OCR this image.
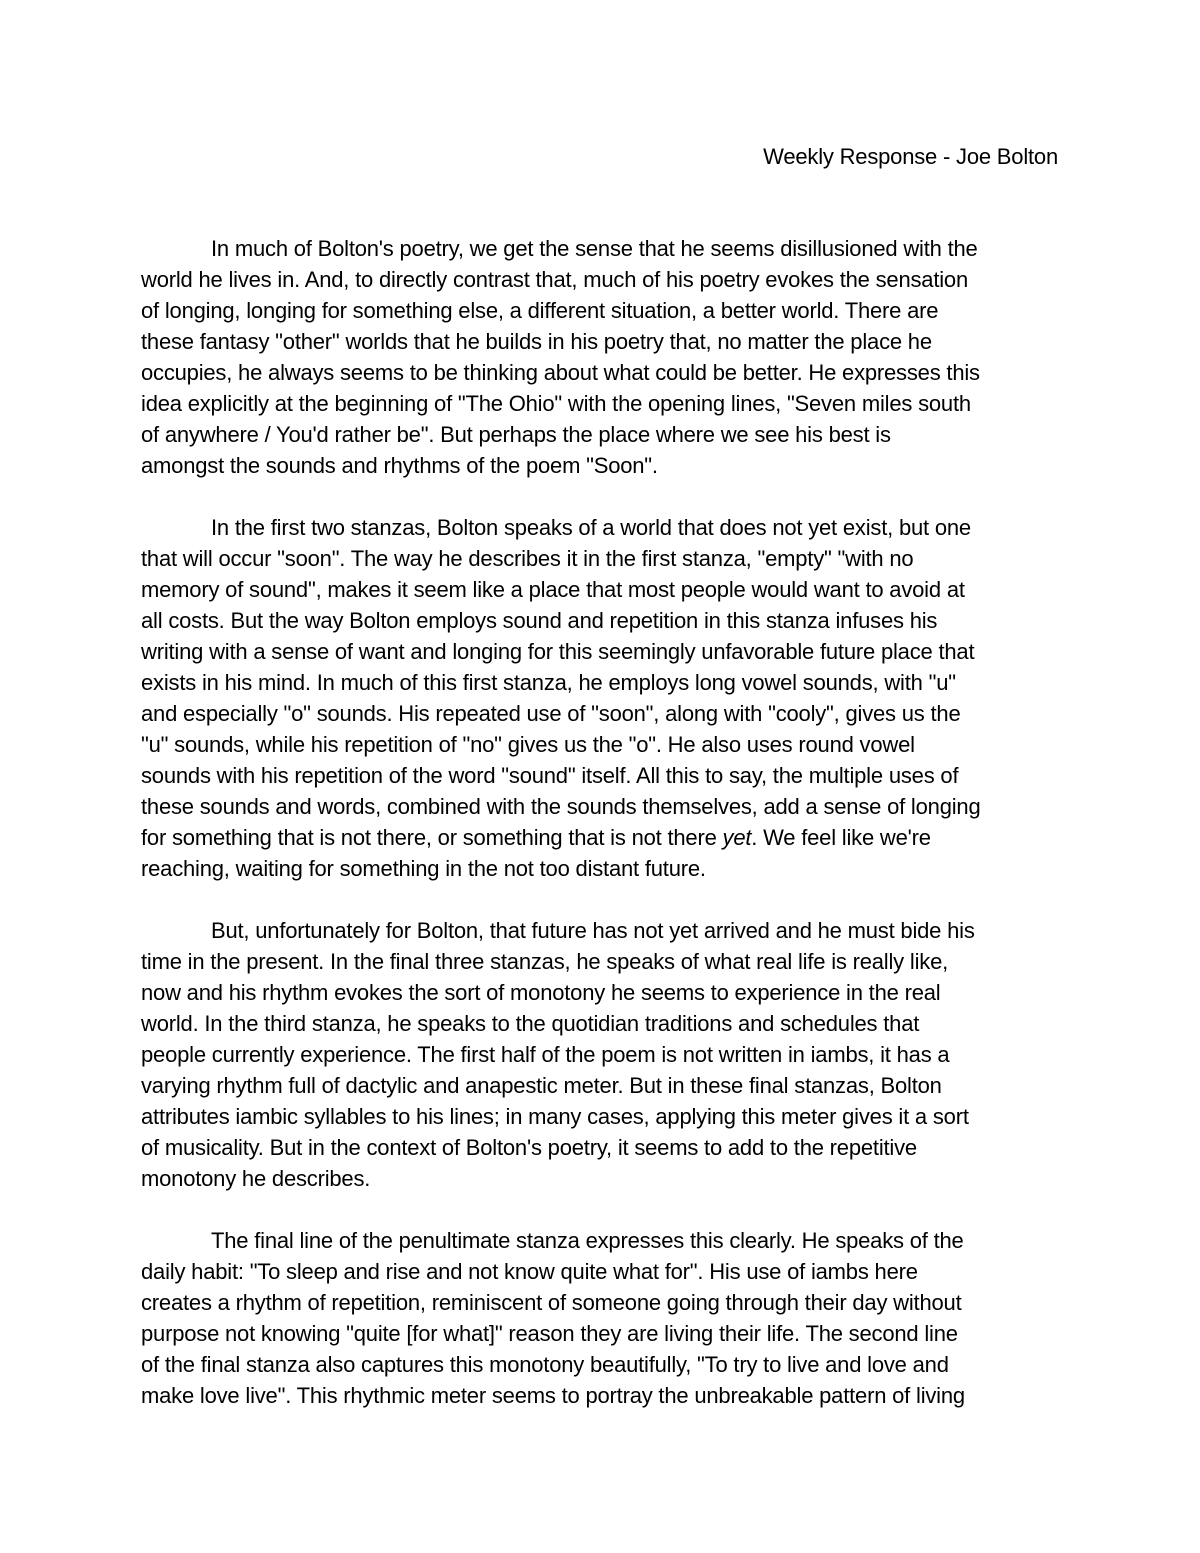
Weekly Response - Joe Bolton
In much of Bolton's poetry, we get the sense that he seems disillusioned with the
world he lives in. And, to directly contrast that, much of his poetry evokes the sensation
of longing, longing for something else, a different situation, a better world. There are
these fantasy "other" worlds that he builds in his poetry that, no matter the place he
occupies, he always seems to be thinking about what could be better. He expresses this
idea explicitly at the beginning of "The Ohio" with the opening lines, "Seven miles south
of anywhere / You'd rather be". But perhaps the place where we see his best is
amongst the sounds and rhythms of the poem "Soon".
In the first two stanzas, Bolton speaks of a world that does not yet exist, but one
that will occur "soon". The way he describes it in the first stanza, "empty" "with no
memory of sound", makes it seem like a place that most people would want to avoid at
all costs. But the way Bolton employs sound and repetition in this stanza infuses his
writing with a sense of want and longing for this seemingly unfavorable future place that
exists in his mind. In much of this first stanza, he employs long vowel sounds, with "u"
and especially "o" sounds. His repeated use of "soon", along with "cooly", gives us the
"u" sounds, while his repetition of "no" gives us the "o". He also uses round vowel
sounds with his repetition of the word "sound" itself. All this to say, the multiple uses of
these sounds and words, combined with the sounds themselves, add a sense of longing
for something that is not there, or something that is not there yet. We feel like we're
reaching, waiting for something in the not too distant future.
But, unfortunately for Bolton, that future has not yet arrived and he must bide his
time in the present. In the final three stanzas, he speaks of what real life is really like,
now and his rhythm evokes the sort of monotony he seems to experience in the real
world. In the third stanza, he speaks to the quotidian traditions and schedules that
people currently experience. The first half of the poem is not written in iambs, it has a
varying rhythm full of dactylic and anapestic meter. But in these final stanzas, Bolton
attributes iambic syllables to his lines; in many cases, applying this meter gives it a sort
of musicality. But in the context of Bolton's poetry, it seems to add to the repetitive
monotony he describes.
The final line of the penultimate stanza expresses this clearly. He speaks of the
daily habit: "To sleep and rise and not know quite what for". His use of iambs here
creates a rhythm of repetition, reminiscent of someone going through their day without
purpose not knowing "quite [for what]" reason they are living their life. The second line
of the final stanza also captures this monotony beautifully, "To try to live and love and
make love live". This rhythmic meter seems to portray the unbreakable pattern of living
